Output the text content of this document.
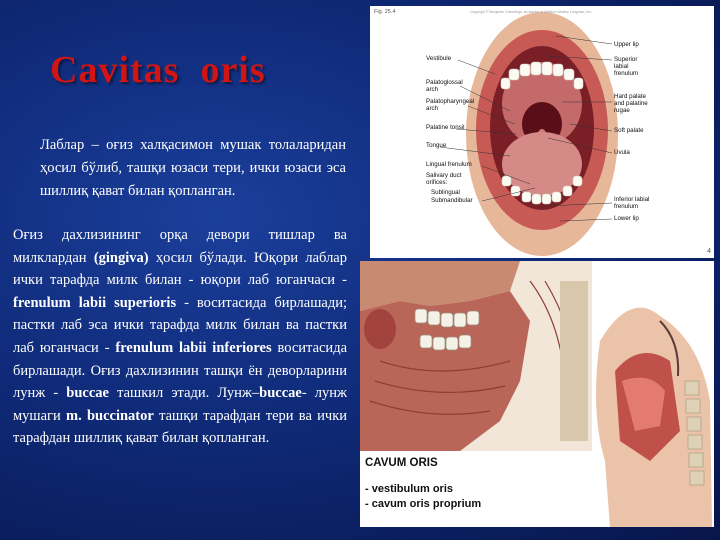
Cavitas  oris
Лаблар – оғиз халқасимон мушак толаларидан ҳосил бўлиб, ташқи юзаси тери, ички юзаси эса шиллиқ қават билан қопланган.
Оғиз дахлизининг орқа девори тишлар ва милклардан (gingiva) ҳосил бўлади. Юқори лаблар ички тарафда милк билан - юқори лаб юганчаси - frenulum labii superioris - воситасида бирлашади; пастки лаб эса ички тарафда милк билан ва пастки лаб юганчаси - frenulum labii inferiores воситасида бирлашади. Оғиз дахлизинин ташқи ён деворларини лунж - buccae ташкил этади. Лунж–buccae- лунж мушаги m. buccinator ташқи тарафдан тери ва ички тарафдан шиллиқ қават билан қопланган.
Fig. 25.4	Copyright © Benjamin Cummings, an imprint of Addison Wesley Longman, Inc.
Vestibule
Palatoglossal
arch
Palatopharyngeal
arch
Palatine tonsil
Tongue
Lingual frenulum
Salivary duct
orifices:
Sublingual
Submandibular
Upper lip
Superior
labial
frenulum
Hard palate
and palatine
rugae
Soft palate
Uvula
Inferior labial
frenulum
Lower lip
4
CAVUM ORIS
- vestibulum oris
- cavum oris proprium
